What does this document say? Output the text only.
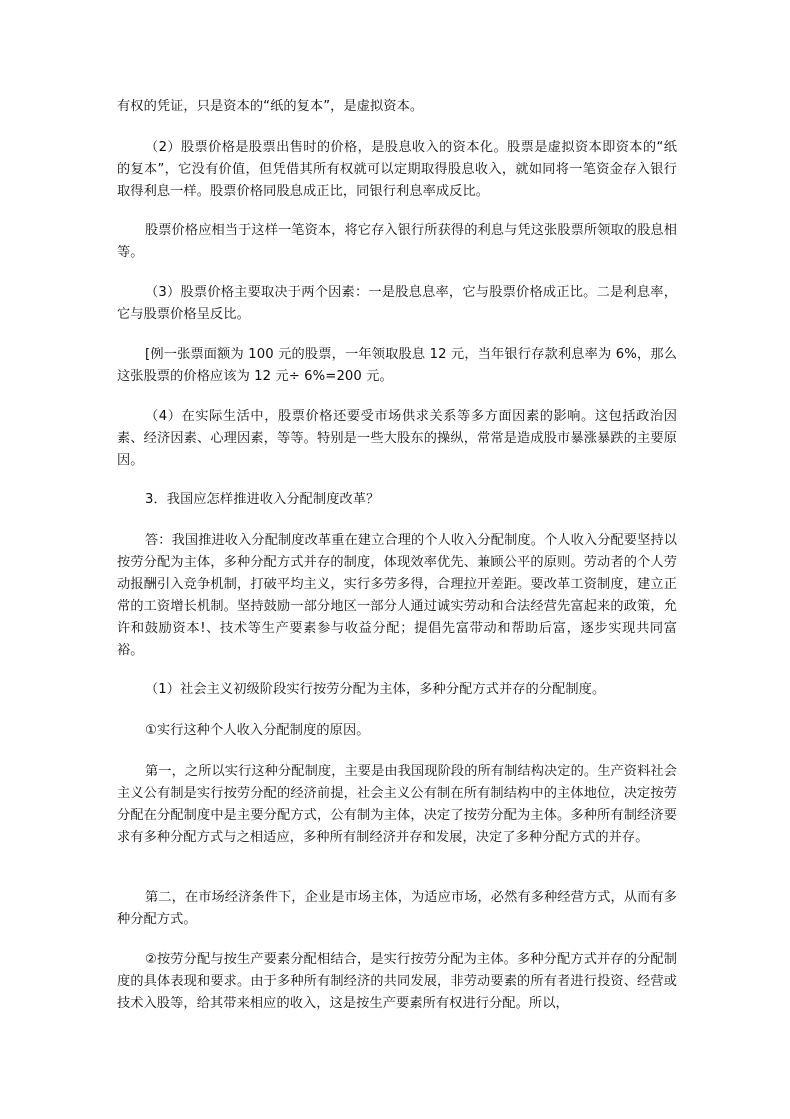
有权的凭证，只是资本的“纸的复本”，是虚拟资本。

（2）股票价格是股票出售时的价格，是股息收入的资本化。股票是虚拟资本即资本的“纸的复本”，它没有价值，但凭借其所有权就可以定期取得股息收入，就如同将一笔资金存入银行取得利息一样。股票价格同股息成正比，同银行利息率成反比。

股票价格应相当于这样一笔资本，将它存入银行所获得的利息与凭这张股票所领取的股息相等。

（3）股票价格主要取决于两个因素：一是股息息率，它与股票价格成正比。二是利息率，它与股票价格呈反比。

[例一张票面额为 100 元的股票，一年领取股息 12 元，当年银行存款利息率为 6%，那么这张股票的价格应该为 12 元÷ 6%=200 元。

（4）在实际生活中，股票价格还要受市场供求关系等多方面因素的影响。这包括政治因素、经济因素、心理因素，等等。特别是一些大股东的操纵，常常是造成股市暴涨暴跌的主要原因。

3．我国应怎样推进收入分配制度改革？

答：我国推进收入分配制度改革重在建立合理的个人收入分配制度。个人收入分配要坚持以按劳分配为主体，多种分配方式并存的制度，体现效率优先、兼顾公平的原则。劳动者的个人劳动报酬引入竞争机制，打破平均主义，实行多劳多得，合理拉开差距。要改革工资制度，建立正常的工资增长机制。坚持鼓励一部分地区一部分人通过诚实劳动和合法经营先富起来的政策，允许和鼓励资本!、技术等生产要素参与收益分配；提倡先富带动和帮助后富，逐步实现共同富裕。

（1）社会主义初级阶段实行按劳分配为主体，多种分配方式并存的分配制度。

①实行这种个人收入分配制度的原因。

第一，之所以实行这种分配制度，主要是由我国现阶段的所有制结构决定的。生产资料社会主义公有制是实行按劳分配的经济前提，社会主义公有制在所有制结构中的主体地位，决定按劳分配在分配制度中是主要分配方式，公有制为主体，决定了按劳分配为主体。多种所有制经济要求有多种分配方式与之相适应，多种所有制经济并存和发展，决定了多种分配方式的并存。

第二，在市场经济条件下，企业是市场主体，为适应市场，必然有多种经营方式，从而有多种分配方式。

②按劳分配与按生产要素分配相结合，是实行按劳分配为主体。多种分配方式并存的分配制度的具体表现和要求。由于多种所有制经济的共同发展，非劳动要素的所有者进行投资、经营或技术入股等，给其带来相应的收入，这是按生产要素所有权进行分配。所以，
